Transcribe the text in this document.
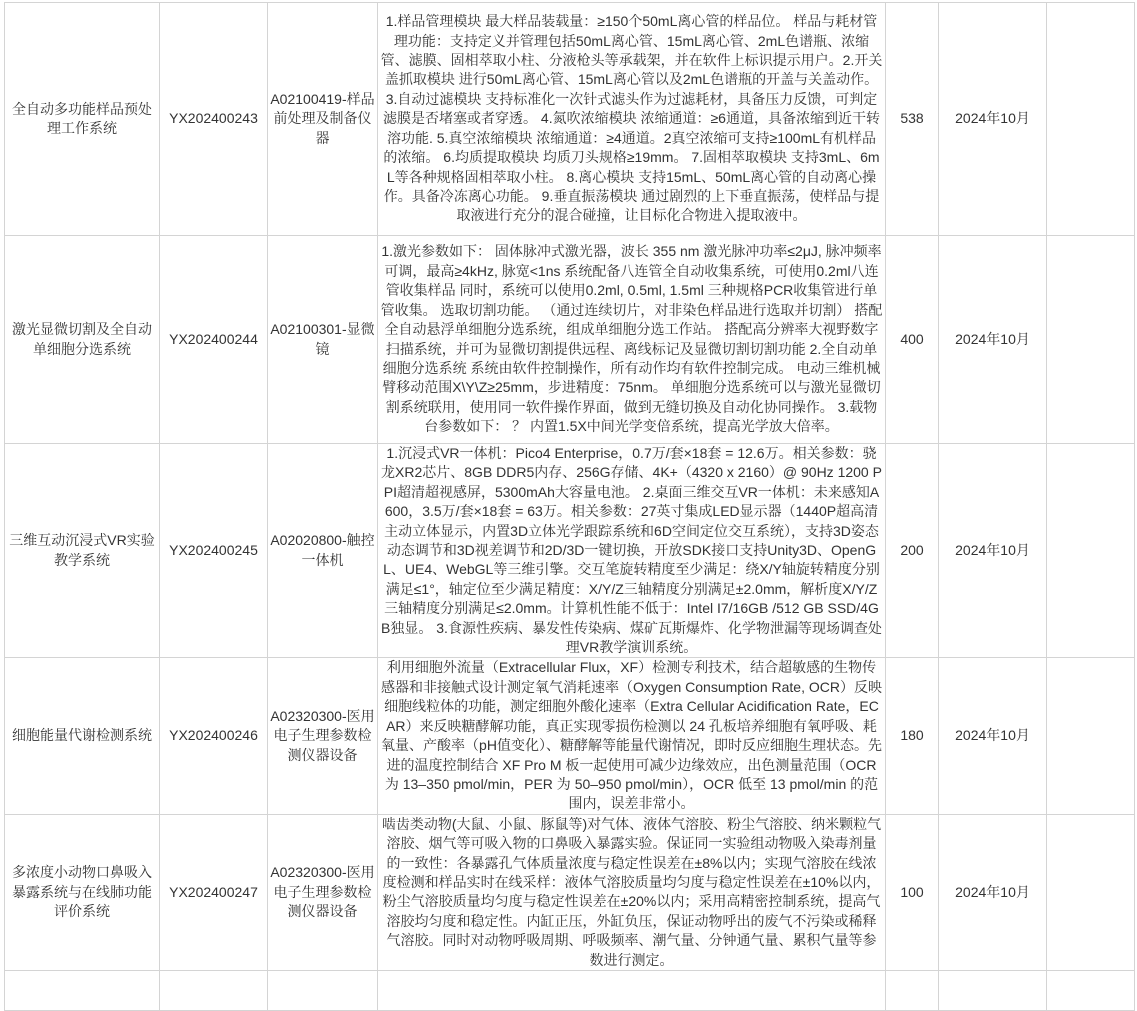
全自动多功能样品预处理工作系统	YX202400243	A02100419-样品前处理及制备仪器	1.样品管理模块 最大样品装载量：≥150个50mL离心管的样品位。 样品与耗材管理功能：支持定义并管理包括50mL离心管、15mL离心管、2mL色谱瓶、浓缩管、滤膜、固相萃取小柱、分液枪头等承载架，并在软件上标识提示用户。2.开关盖抓取模块 进行50mL离心管、15mL离心管以及2mL色谱瓶的开盖与关盖动作。 3.自动过滤模块 支持标准化一次针式滤头作为过滤耗材，具备压力反馈，可判定滤膜是否堵塞或者穿透。 4.氮吹浓缩模块 浓缩通道：≥6通道，具备浓缩到近干转溶功能. 5.真空浓缩模块 浓缩通道：≥4通道。2真空浓缩可支持≥100mL有机样品的浓缩。 6.均质提取模块 均质刀头规格≥19mm。 7.固相萃取模块 支持3mL、6mL等各种规格固相萃取小柱。 8.离心模块 支持15mL、50mL离心管的自动离心操作。具备冷冻离心功能。 9.垂直振荡模块 通过剧烈的上下垂直振荡，使样品与提取液进行充分的混合碰撞，让目标化合物进入提取液中。	538	2024年10月	
激光显微切割及全自动单细胞分选系统	YX202400244	A02100301-显微镜	1.激光参数如下： 固体脉冲式激光器，波长 355 nm 激光脉冲功率≤2μJ, 脉冲频率可调，最高≥4kHz, 脉宽<1ns 系统配备八连管全自动收集系统，可使用0.2ml八连管收集样品 同时，系统可以使用0.2ml, 0.5ml, 1.5ml 三种规格PCR收集管进行单管收集。 选取切割功能。 （通过连续切片，对非染色样品进行选取并切割） 搭配全自动悬浮单细胞分选系统，组成单细胞分选工作站。 搭配高分辨率大视野数字扫描系统，并可为显微切割提供远程、离线标记及显微切割切割功能 2.全自动单细胞分选系统 系统由软件控制操作，所有动作均有软件控制完成。 电动三维机械臂移动范围X\Y\Z≥25mm，步进精度：75nm。 单细胞分选系统可以与激光显微切割系统联用，使用同一软件操作界面，做到无缝切换及自动化协同操作。 3.载物台参数如下： ？ 内置1.5X中间光学变倍系统，提高光学放大倍率。	400	2024年10月	
三维互动沉浸式VR实验教学系统	YX202400245	A02020800-触控一体机	1.沉浸式VR一体机：Pico4 Enterprise，0.7万/套×18套 = 12.6万。相关参数：骁龙XR2芯片、8GB DDR5内存、256G存储、4K+（4320 x 2160）@ 90Hz 1200 PPI超清超视感屏，5300mAh大容量电池。 2.桌面三维交互VR一体机：未来感知A600，3.5万/套×18套 = 63万。相关参数：27英寸集成LED显示器（1440P超高清主动立体显示，内置3D立体光学跟踪系统和6D空间定位交互系统），支持3D姿态动态调节和3D视差调节和2D/3D一键切换，开放SDK接口支持Unity3D、OpenGL、UE4、WebGL等三维引擎。交互笔旋转精度至少满足：绕X/Y轴旋转精度分别满足≤1°，轴定位至少满足精度：X/Y/Z三轴精度分别满足±2.0mm，解析度X/Y/Z三轴精度分别满足≤2.0mm。计算机性能不低于：Intel I7/16GB /512 GB SSD/4GB独显。 3.食源性疾病、暴发性传染病、煤矿瓦斯爆炸、化学物泄漏等现场调查处理VR教学演训系统。	200	2024年10月	
细胞能量代谢检测系统	YX202400246	A02320300-医用电子生理参数检测仪器设备	利用细胞外流量（Extracellular Flux，XF）检测专利技术，结合超敏感的生物传感器和非接触式设计测定氧气消耗速率（Oxygen Consumption Rate, OCR）反映细胞线粒体的功能，测定细胞外酸化速率（Extra Cellular Acidification Rate，ECAR）来反映糖酵解功能，真正实现零损伤检测以 24 孔板培养细胞有氧呼吸、耗氧量、产酸率（pH值变化）、糖酵解等能量代谢情况，即时反应细胞生理状态。先进的温度控制结合 XF Pro M 板一起使用可减少边缘效应，出色测量范围（OCR 为 13–350 pmol/min，PER 为 50–950 pmol/min），OCR 低至 13 pmol/min 的范围内，误差非常小。	180	2024年10月	
多浓度小动物口鼻吸入暴露系统与在线肺功能评价系统	YX202400247	A02320300-医用电子生理参数检测仪器设备	啮齿类动物(大鼠、小鼠、豚鼠等)对气体、液体气溶胶、粉尘气溶胶、纳米颗粒气溶胶、烟气等可吸入物的口鼻吸入暴露实验。保证同一实验组动物吸入染毒剂量的一致性：各暴露孔气体质量浓度与稳定性误差在±8%以内；实现气溶胶在线浓度检测和样品实时在线采样：液体气溶胶质量均匀度与稳定性误差在±10%以内，粉尘气溶胶质量均匀度与稳定性误差在±20%以内；采用高精密控制系统，提高气溶胶均匀度和稳定性。内缸正压，外缸负压，保证动物呼出的废气不污染或稀释气溶胶。同时对动物呼吸周期、呼吸频率、潮气量、分钟通气量、累积气量等参数进行测定。	100	2024年10月	
